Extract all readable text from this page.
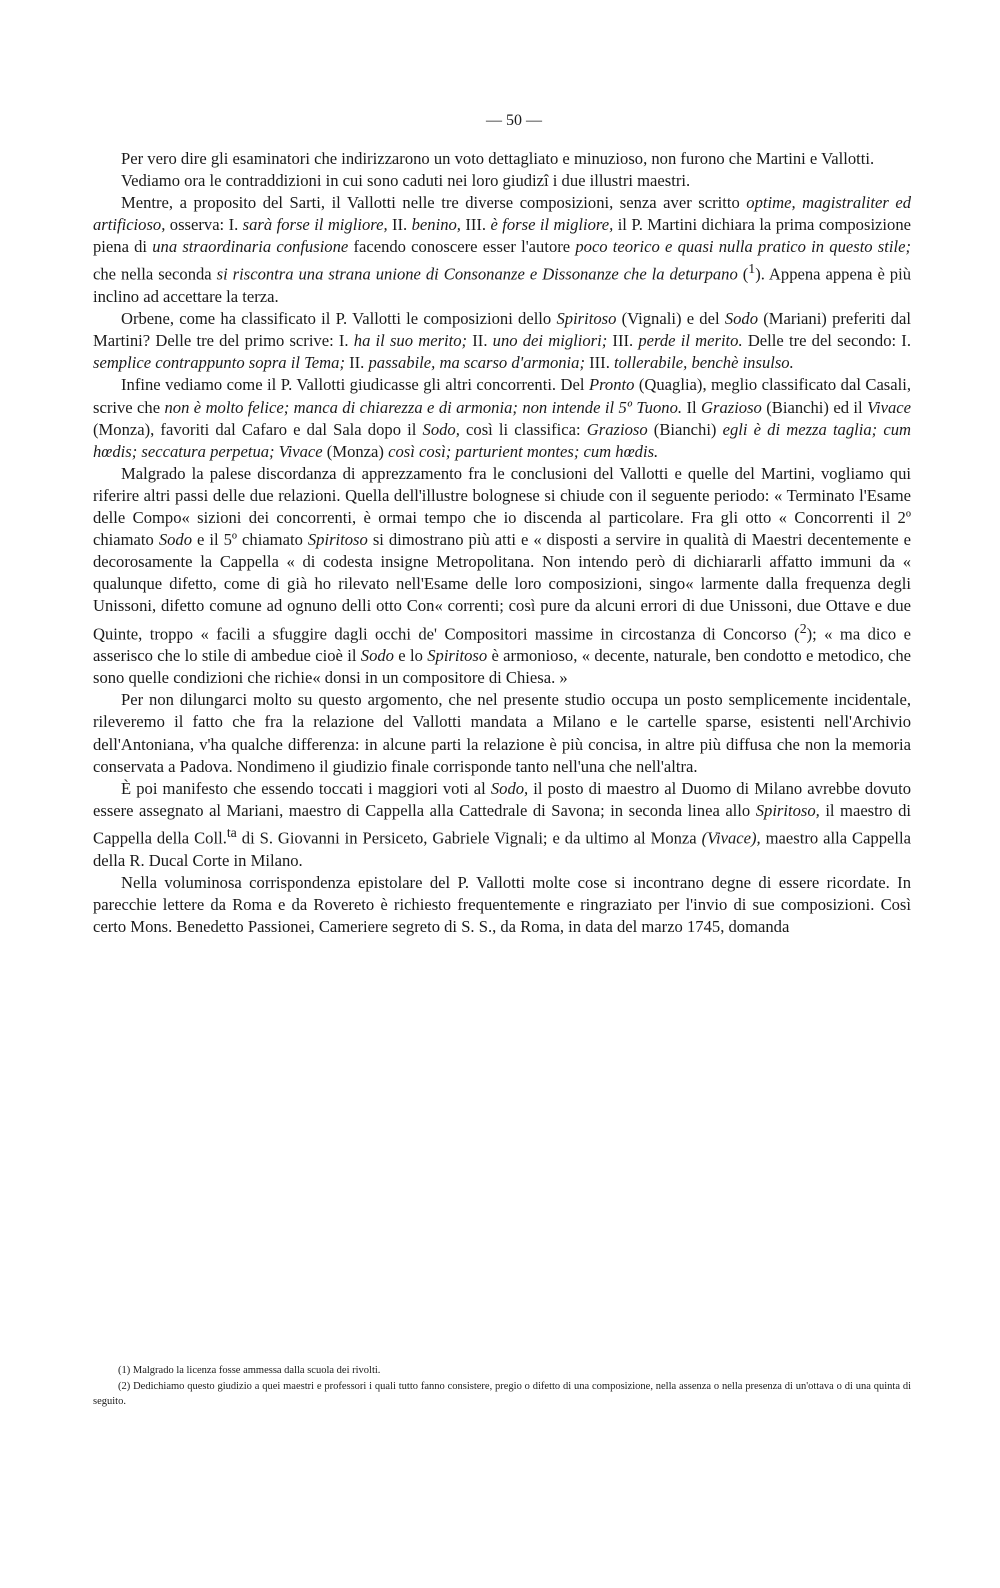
— 50 —

Per vero dire gli esaminatori che indirizzarono un voto dettagliato e minuzioso, non furono che Martini e Vallotti.

Vediamo ora le contraddizioni in cui sono caduti nei loro giudizî i due illustri maestri.

Mentre, a proposito del Sarti, il Vallotti nelle tre diverse composizioni, senza aver scritto optime, magistraliter ed artificioso, osserva: I. sarà forse il migliore, II. benino, III. è forse il migliore, il P. Martini dichiara la prima composizione piena di una straordinaria confusione facendo conoscere esser l'autore poco teorico e quasi nulla pratico in questo stile; che nella seconda si riscontra una strana unione di Consonanze e Dissonanze che la deturpano ($^1$). Appena appena è più inclino ad accettare la terza.

Orbene, come ha classificato il P. Vallotti le composizioni dello Spiritoso (Vignali) e del Sodo (Mariani) preferiti dal Martini? Delle tre del primo scrive: I. ha il suo merito; II. uno dei migliori; III. perde il merito. Delle tre del secondo: I. semplice contrappunto sopra il Tema; II. passabile, ma scarso d'armonia; III. tollerabile, benchè insulso.

Infine vediamo come il P. Vallotti giudicasse gli altri concorrenti. Del Pronto (Quaglia), meglio classificato dal Casali, scrive che non è molto felice; manca di chiarezza e di armonia; non intende il 5º Tuono. Il Grazioso (Bianchi) ed il Vivace (Monza), favoriti dal Cafaro e dal Sala dopo il Sodo, così li classifica: Grazioso (Bianchi) egli è di mezza taglia; cum hœdis; seccatura perpetua; Vivace (Monza) così così; parturient montes; cum hœdis.

Malgrado la palese discordanza di apprezzamento fra le conclusioni del Vallotti e quelle del Martini, vogliamo qui riferire altri passi delle due relazioni. Quella dell'illustre bolognese si chiude con il seguente periodo: « Terminato l'Esame delle Compo« sizioni dei concorrenti, è ormai tempo che io discenda al particolare. Fra gli otto « Concorrenti il 2º chiamato Sodo e il 5º chiamato Spiritoso si dimostrano più atti e « disposti a servire in qualità di Maestri decentemente e decorosamente la Cappella « di codesta insigne Metropolitana. Non intendo però di dichiararli affatto immuni da « qualunque difetto, come di già ho rilevato nell'Esame delle loro composizioni, singo« larmente dalla frequenza degli Unissoni, difetto comune ad ognuno delli otto Con« correnti; così pure da alcuni errori di due Unissoni, due Ottave e due Quinte, troppo « facili a sfuggire dagli occhi de' Compositori massime in circostanza di Concorso ($^2$); « ma dico e asserisco che lo stile di ambedue cioè il Sodo e lo Spiritoso è armonioso, « decente, naturale, ben condotto e metodico, che sono quelle condizioni che richie« donsi in un compositore di Chiesa. »

Per non dilungarci molto su questo argomento, che nel presente studio occupa un posto semplicemente incidentale, rileveremo il fatto che fra la relazione del Vallotti mandata a Milano e le cartelle sparse, esistenti nell'Archivio dell'Antoniana, v'ha qualche differenza: in alcune parti la relazione è più concisa, in altre più diffusa che non la memoria conservata a Padova. Nondimeno il giudizio finale corrisponde tanto nell'una che nell'altra.

È poi manifesto che essendo toccati i maggiori voti al Sodo, il posto di maestro al Duomo di Milano avrebbe dovuto essere assegnato al Mariani, maestro di Cappella alla Cattedrale di Savona; in seconda linea allo Spiritoso, il maestro di Cappella della Coll.$^{ta}$ di S. Giovanni in Persiceto, Gabriele Vignali; e da ultimo al Monza (Vivace), maestro alla Cappella della R. Ducal Corte in Milano.

Nella voluminosa corrispondenza epistolare del P. Vallotti molte cose si incontrano degne di essere ricordate. In parecchie lettere da Roma e da Rovereto è richiesto frequentemente e ringraziato per l'invio di sue composizioni. Così certo Mons. Benedetto Passionei, Cameriere segreto di S. S., da Roma, in data del marzo 1745, domanda

(1) Malgrado la licenza fosse ammessa dalla scuola dei rivolti.

(2) Dedichiamo questo giudizio a quei maestri e professori i quali tutto fanno consistere, pregio o difetto di una composizione, nella assenza o nella presenza di un'ottava o di una quinta di seguito.
